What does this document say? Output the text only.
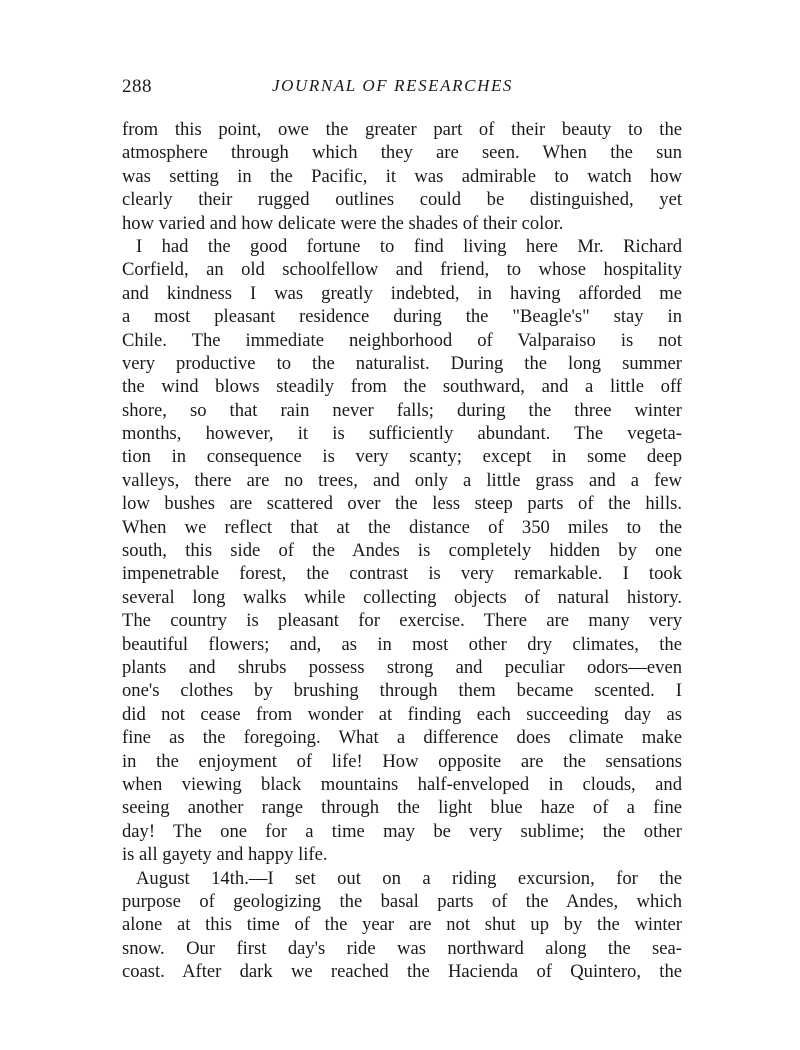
288	JOURNAL OF RESEARCHES
from this point, owe the greater part of their beauty to the
atmosphere through which they are seen. When the sun
was setting in the Pacific, it was admirable to watch how
clearly their rugged outlines could be distinguished, yet
how varied and how delicate were the shades of their color.
I had the good fortune to find living here Mr. Richard
Corfield, an old schoolfellow and friend, to whose hospitality
and kindness I was greatly indebted, in having afforded me
a most pleasant residence during the "Beagle's" stay in
Chile. The immediate neighborhood of Valparaiso is not
very productive to the naturalist. During the long summer
the wind blows steadily from the southward, and a little off
shore, so that rain never falls; during the three winter
months, however, it is sufficiently abundant. The vegeta-
tion in consequence is very scanty; except in some deep
valleys, there are no trees, and only a little grass and a few
low bushes are scattered over the less steep parts of the hills.
When we reflect that at the distance of 350 miles to the
south, this side of the Andes is completely hidden by one
impenetrable forest, the contrast is very remarkable. I took
several long walks while collecting objects of natural history.
The country is pleasant for exercise. There are many very
beautiful flowers; and, as in most other dry climates, the
plants and shrubs possess strong and peculiar odors—even
one's clothes by brushing through them became scented. I
did not cease from wonder at finding each succeeding day as
fine as the foregoing. What a difference does climate make
in the enjoyment of life! How opposite are the sensations
when viewing black mountains half-enveloped in clouds, and
seeing another range through the light blue haze of a fine
day! The one for a time may be very sublime; the other
is all gayety and happy life.
August 14th.—I set out on a riding excursion, for the
purpose of geologizing the basal parts of the Andes, which
alone at this time of the year are not shut up by the winter
snow. Our first day's ride was northward along the sea-
coast. After dark we reached the Hacienda of Quintero, the
